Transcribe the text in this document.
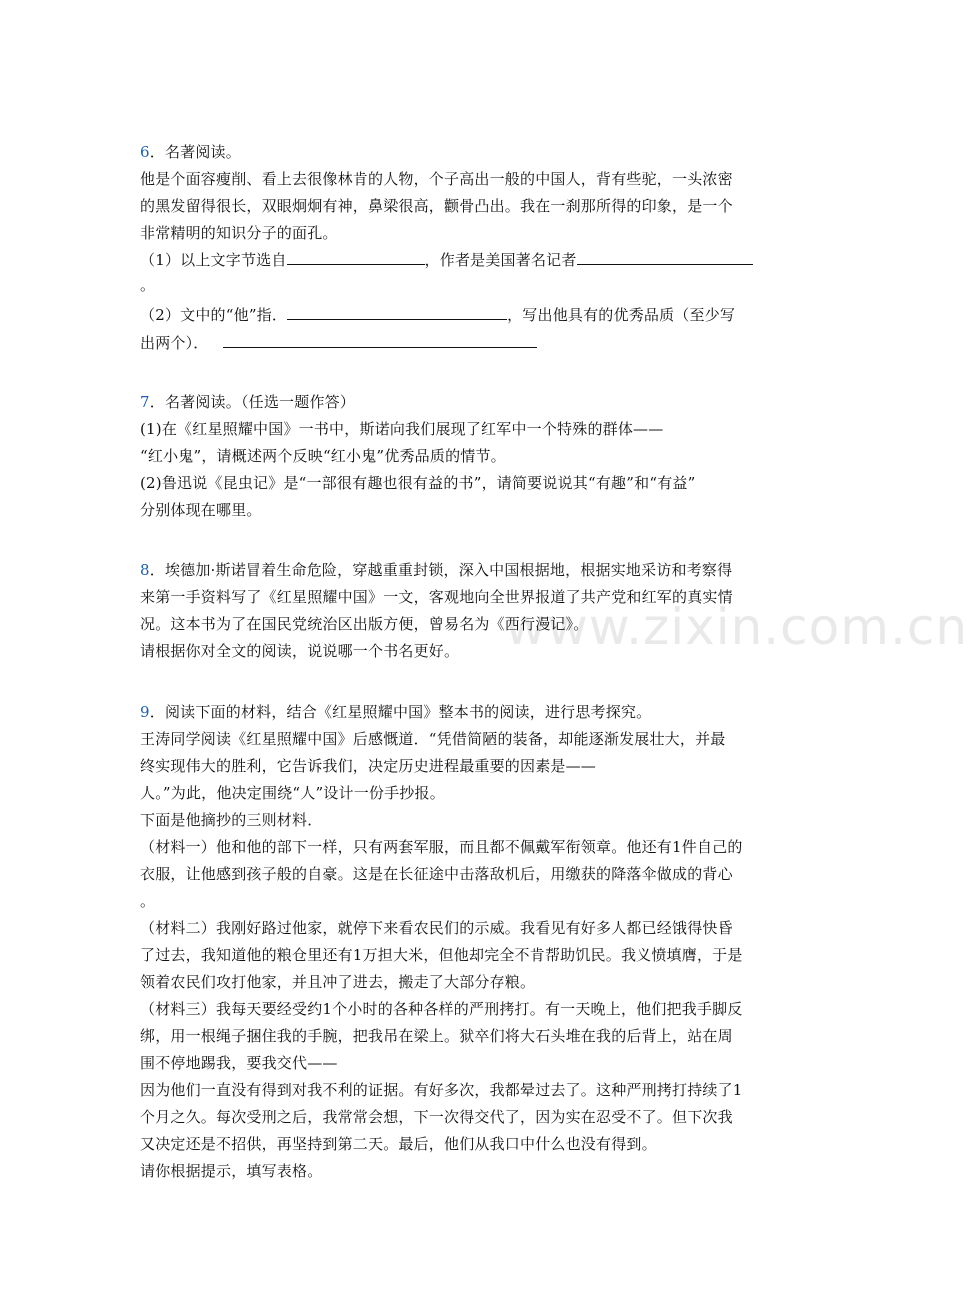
www.zixin.com.cn
6．名著阅读。
他是个面容瘦削、看上去很像林肯的人物，个子高出一般的中国人，背有些驼，一头浓密
的黑发留得很长，双眼炯炯有神，鼻梁很高，颧骨凸出。我在一刹那所得的印象，是一个
非常精明的知识分子的面孔。
（1）以上文字节选自	，作者是美国著名记者
。
（2）文中的“他”指．	，写出他具有的优秀品质（至少写
出两个）．
7．名著阅读。（任选一题作答）
(1)在《红星照耀中国》一书中，斯诺向我们展现了红军中一个特殊的群体——
“红小鬼”，请概述两个反映“红小鬼”优秀品质的情节。
(2)鲁迅说《昆虫记》是“一部很有趣也很有益的书”，请简要说说其“有趣”和“有益”
分别体现在哪里。
8．埃德加·斯诺冒着生命危险，穿越重重封锁，深入中国根据地，根据实地采访和考察得
来第一手资料写了《红星照耀中国》一文，客观地向全世界报道了共产党和红军的真实情
况。这本书为了在国民党统治区出版方便，曾易名为《西行漫记》。
请根据你对全文的阅读，说说哪一个书名更好。
9．阅读下面的材料，结合《红星照耀中国》整本书的阅读，进行思考探究。
王涛同学阅读《红星照耀中国》后感慨道．“凭借简陋的装备，却能逐渐发展壮大，并最
终实现伟大的胜利，它告诉我们，决定历史进程最重要的因素是——
人。”为此，他决定围绕“人”设计一份手抄报。
下面是他摘抄的三则材料．
（材料一）他和他的部下一样，只有两套军服，而且都不佩戴军衔领章。他还有1件自己的
衣服，让他感到孩子般的自豪。这是在长征途中击落敌机后，用缴获的降落伞做成的背心
。
（材料二）我刚好路过他家，就停下来看农民们的示威。我看见有好多人都已经饿得快昏
了过去，我知道他的粮仓里还有1万担大米，但他却完全不肯帮助饥民。我义愤填膺，于是
领着农民们攻打他家，并且冲了进去，搬走了大部分存粮。
（材料三）我每天要经受约1个小时的各种各样的严刑拷打。有一天晚上，他们把我手脚反
绑，用一根绳子捆住我的手腕，把我吊在梁上。狱卒们将大石头堆在我的后背上，站在周
围不停地踢我，要我交代——
因为他们一直没有得到对我不利的证据。有好多次，我都晕过去了。这种严刑拷打持续了1
个月之久。每次受刑之后，我常常会想，下一次得交代了，因为实在忍受不了。但下次我
又决定还是不招供，再坚持到第二天。最后，他们从我口中什么也没有得到。
请你根据提示，填写表格。
